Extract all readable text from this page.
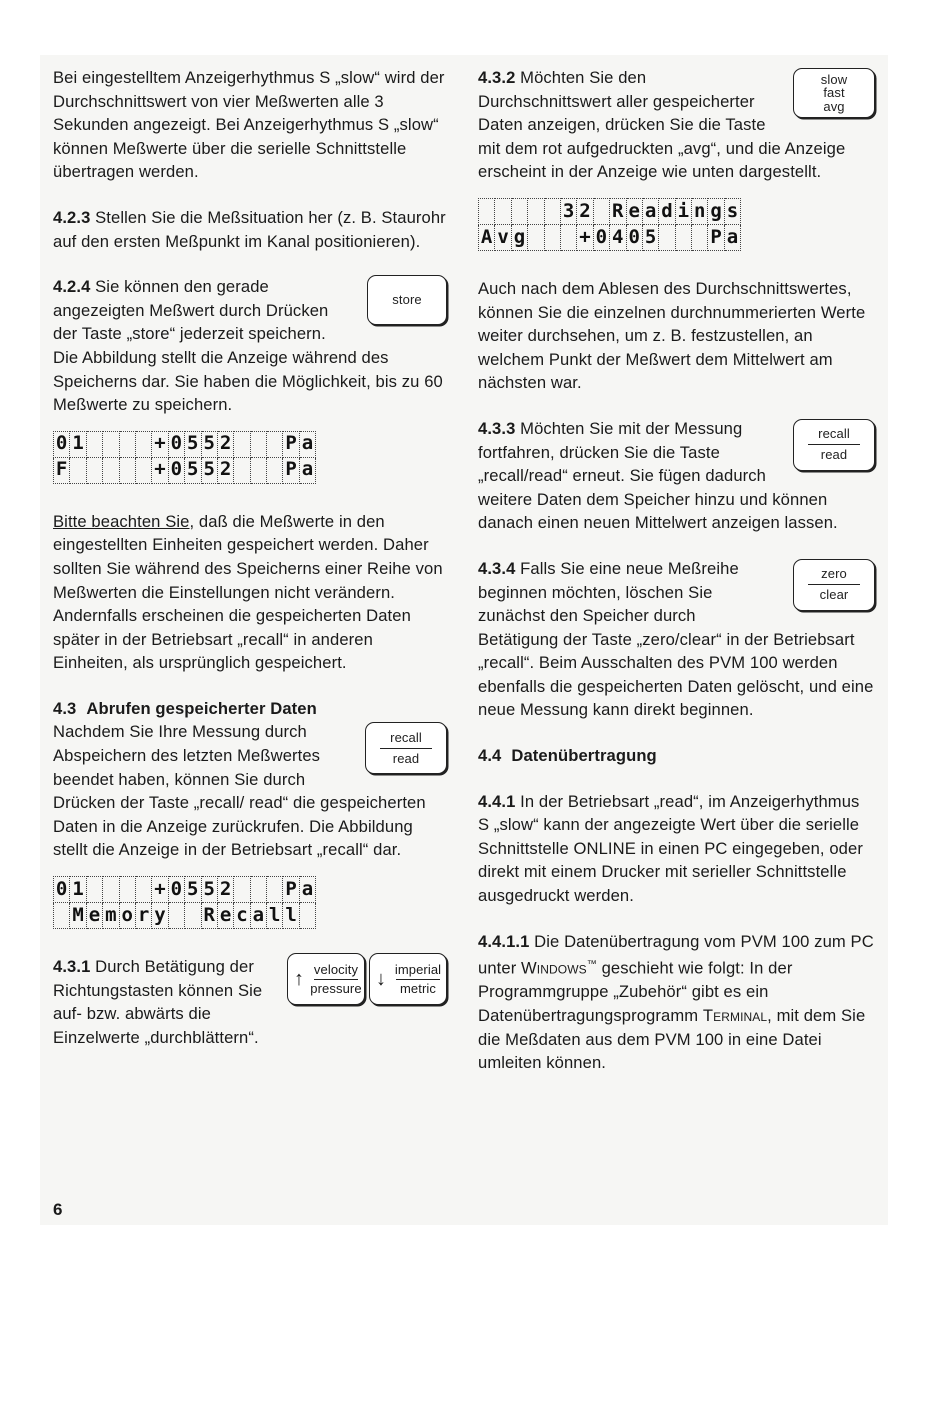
Bei eingestelltem Anzeigerhythmus S „slow“ wird der Durchschnittswert von vier Meßwerten alle 3 Sekunden angezeigt. Bei Anzeigerhythmus S „slow“ können Meßwerte über die serielle Schnittstelle übertragen werden.

4.2.3 Stellen Sie die Meßsituation her (z. B. Staurohr auf den ersten Meßpunkt im Kanal positionieren).

store
4.2.4 Sie können den gerade angezeigten Meßwert durch Drücken der Taste „store“ jederzeit speichern. Die Abbildung stellt die Anzeige während des Speicherns dar. Sie haben die Möglichkeit, bis zu 60 Meßwerte zu speichern.

0 1	+ 0 5 5 2	P a
F	+ 0 5 5 2	P a

Bitte beachten Sie, daß die Meßwerte in den eingestellten Einheiten gespeichert werden. Daher sollten Sie während des Speicherns einer Reihe von Meßwerten die Einstellungen nicht verändern. Andernfalls erscheinen die gespeicherten Daten später in der Betriebsart „recall“ in anderen Einheiten, als ursprünglich gespeichert.

4.3 Abrufen gespeicherter Daten

recall
read
Nachdem Sie Ihre Messung durch Abspeichern des letzten Meßwertes beendet haben, können Sie durch Drücken der Taste „recall/ read“ die gespeicherten Daten in die Anzeige zurückrufen. Die Abbildung stellt die Anzeige in der Betriebsart „recall“ dar.

0 1	+ 0 5 5 2	P a
M e m o r y R e c a l l

↑ velocity
pressure ↓ imperial
metric
4.3.1 Durch Betätigung der Richtungstasten können Sie auf- bzw. abwärts die Einzelwerte „durchblättern“.

slow
fast
avg
4.3.2 Möchten Sie den Durchschnittswert aller gespeicherter Daten anzeigen, drücken Sie die Taste mit dem rot aufgedruckten „avg“, und die Anzeige erscheint in der Anzeige wie unten dargestellt.

3 2 R e a d i n g s
A v g	+ 0 4 0 5	P a

Auch nach dem Ablesen des Durchschnittswertes, können Sie die einzelnen durchnummerierten Werte weiter durchsehen, um z. B. festzustellen, an welchem Punkt der Meßwert dem Mittelwert am nächsten war.

recall
read
4.3.3 Möchten Sie mit der Messung fortfahren, drücken Sie die Taste „recall/read“ erneut. Sie fügen dadurch weitere Daten dem Speicher hinzu und können danach einen neuen Mittelwert anzeigen lassen.

zero
clear
4.3.4 Falls Sie eine neue Meßreihe beginnen möchten, löschen Sie zunächst den Speicher durch Betätigung der Taste „zero/clear“ in der Betriebsart „recall“. Beim Ausschalten des PVM 100 werden ebenfalls die gespeicherten Daten gelöscht, und eine neue Messung kann direkt beginnen.

4.4 Datenübertragung

4.4.1 In der Betriebsart „read“, im Anzeigerhythmus S „slow“ kann der angezeigte Wert über die serielle Schnittstelle ONLINE in einen PC eingegeben, oder direkt mit einem Drucker mit serieller Schnittstelle ausgedruckt werden.

4.4.1.1 Die Datenübertragung vom PVM 100 zum PC unter Windows™ geschieht wie folgt: In der Programmgruppe „Zubehör“ gibt es ein Datenübertragungsprogramm Terminal, mit dem Sie die Meßdaten aus dem PVM 100 in eine Datei umleiten können.

6
